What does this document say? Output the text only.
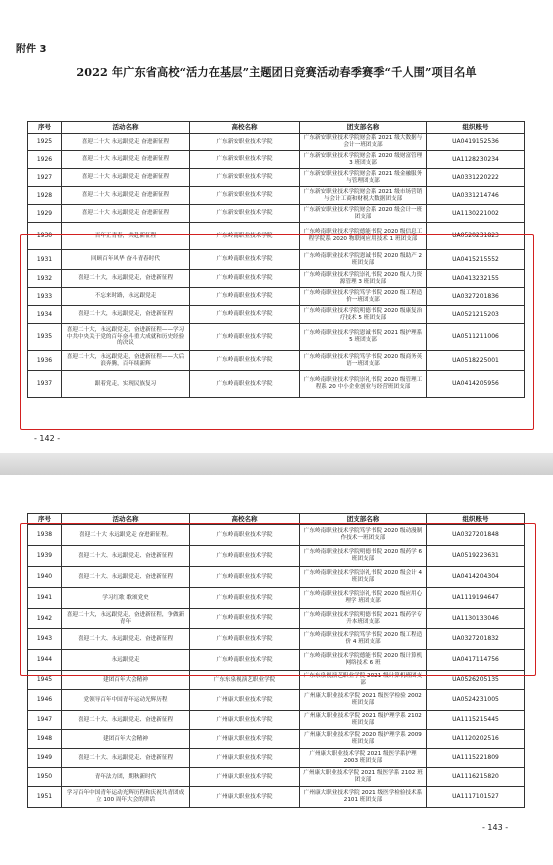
附件 3
2022 年广东省高校“活力在基层”主题团日竞赛活动春季赛季“千人围”项目名单
序号	活动名称	高校名称	团支部名称	组织账号
1925	喜迎二十大 永远跟党走 奋进新征程	广东新安职业技术学院	广东新安职业技术学院财会系 2021 级大数据与会计一班团支部	UA0419152536
1926	喜迎二十大 永远跟党走 奋进新征程	广东新安职业技术学院	广东新安职业技术学院财会系 2020 级财富管理 3 班团支部	UA1128230234
1927	喜迎二十大 永远跟党走 奋进新征程	广东新安职业技术学院	广东新安职业技术学院财会系 2021 级金融服务与管理团支部	UA0331220222
1928	喜迎二十大 永远跟党走 奋进新征程	广东新安职业技术学院	广东新安职业技术学院财会系 2021 级市场营销与会计工商和财税大数据团支部	UA0331214746
1929	喜迎二十大 永远跟党走 奋进新征程	广东新安职业技术学院	广东新安职业技术学院财会系 2020 级会计一班团支部	UA1130221002
1930	百年正青春，共赴新征程	广东岭南职业技术学院	广东岭南职业技术学院德能书院 2020 级信息工程学院系 2020 物联网应用技术 1 班团支部	UA0520231823
1931	回顾百年风华 奋斗青春时代	广东岭南职业技术学院	广东岭南职业技术学院恩诚书院 2020 级助产 2 班团支部	UA0415215552
1932	喜迎二十大，永远跟党走，奋进新征程	广东岭南职业技术学院	广东岭南职业技术学院崇礼书院 2020 级人力资源管理 3 班团支部	UA0413232155
1933	不忘来时路，永远跟党走	广东岭南职业技术学院	广东岭南职业技术学院笃学书院 2020 级工程造价一班团支部	UA0327201836
1934	喜迎二十大，永远跟党走，奋进新征程	广东岭南职业技术学院	广东岭南职业技术学院明德书院 2020 级康复治疗技术 5 班团支部	UA0521215203
1935	喜迎二十大，永远跟党走，奋进新征程——学习中共中央关于党的百年奋斗重大成就和历史经验的决议	广东岭南职业技术学院	广东岭南职业技术学院恩诚书院 2021 级护理系 5 班团支部	UA0511211006
1936	喜迎二十大，永远跟党走，奋进新征程——大后浪奔腾，百年续新辉	广东岭南职业技术学院	广东岭南职业技术学院笃学书院 2020 级商务英语一班团支部	UA0518225001
1937	跟着党走，实现民族复习	广东岭南职业技术学院	广东岭南职业技术学院崇礼书院 2020 级管理工程系 20 中小企业创业与经营班团支部	UA0414205956
- 142 -
序号	活动名称	高校名称	团支部名称	组织账号
1938	喜迎二十大 永远跟党走 奋进新征程。	广东岭南职业技术学院	广东岭南职业技术学院笃学书院 2020 级动漫制作技术一班团支部	UA0327201848
1939	喜迎二十大、永远跟党走、奋进新征程	广东岭南职业技术学院	广东岭南职业技术学院明德书院 2020 级药学 6 班团支部	UA0519223631
1940	喜迎二十大、永远跟党走、奋进新征程	广东岭南职业技术学院	广东岭南职业技术学院崇礼书院 2020 级会计 4 班团支部	UA0414204304
1941	学习红歌 歌颂党史	广东岭南职业技术学院	广东岭南职业技术学院崇礼书院 2020 级应用心理学 班团支部	UA1119194647
1942	喜迎二十大，永远跟党走，奋进新征程，争做新青年	广东岭南职业技术学院	广东岭南职业技术学院明德书院 2021 级药学专升本班团支部	UA1130133046
1943	喜迎二十大、永远跟党走、奋进新征程	广东岭南职业技术学院	广东岭南职业技术学院笃学书院 2020 级工程造价 4 班团支部	UA0327201832
1944	永远跟党走	广东岭南职业技术学院	广东岭南职业技术学院德能书院 2020 级计算机网络技术 6 班	UA0417114756
1945	建团百年大会精神	广东东泉视演艺职业学院	广东东泉视演艺职业学院 2021 级计算机班团支部	UA0526205135
1946	党领导百年中国青年运动光辉历程	广州康大职业技术学院	广州康大职业技术学院 2021 级医学检验 2002 班团支部	UA0524231005
1947	喜迎二十大、永远跟党走、奋进新征程	广州康大职业技术学院	广州康大职业技术学院 2021 级护理学系 2102 班团支部	UA1115215445
1948	建团百年大会精神	广州康大职业技术学院	广州康大职业技术学院 2020 级护理学系 2009 班团支部	UA1120202516
1949	喜迎二十大、永远跟党走、奋进新征程	广州康大职业技术学院	广州康大职业技术学院 2021 级医学系护理 2003 班团支部	UA1115221809
1950	青年法力团，期秋新时代	广州康大职业技术学院	广州康大职业技术学院 2021 级医学系 2102 班团支部	UA1116215820
1951	学习百年中国青年运动光辉历程和庆祝共青团成立 100 周年大会的讲话	广州康大职业技术学院	广州康大职业技术学院 2021 级医学检验技术系 2101 班团支部	UA1117101527
- 143 -
